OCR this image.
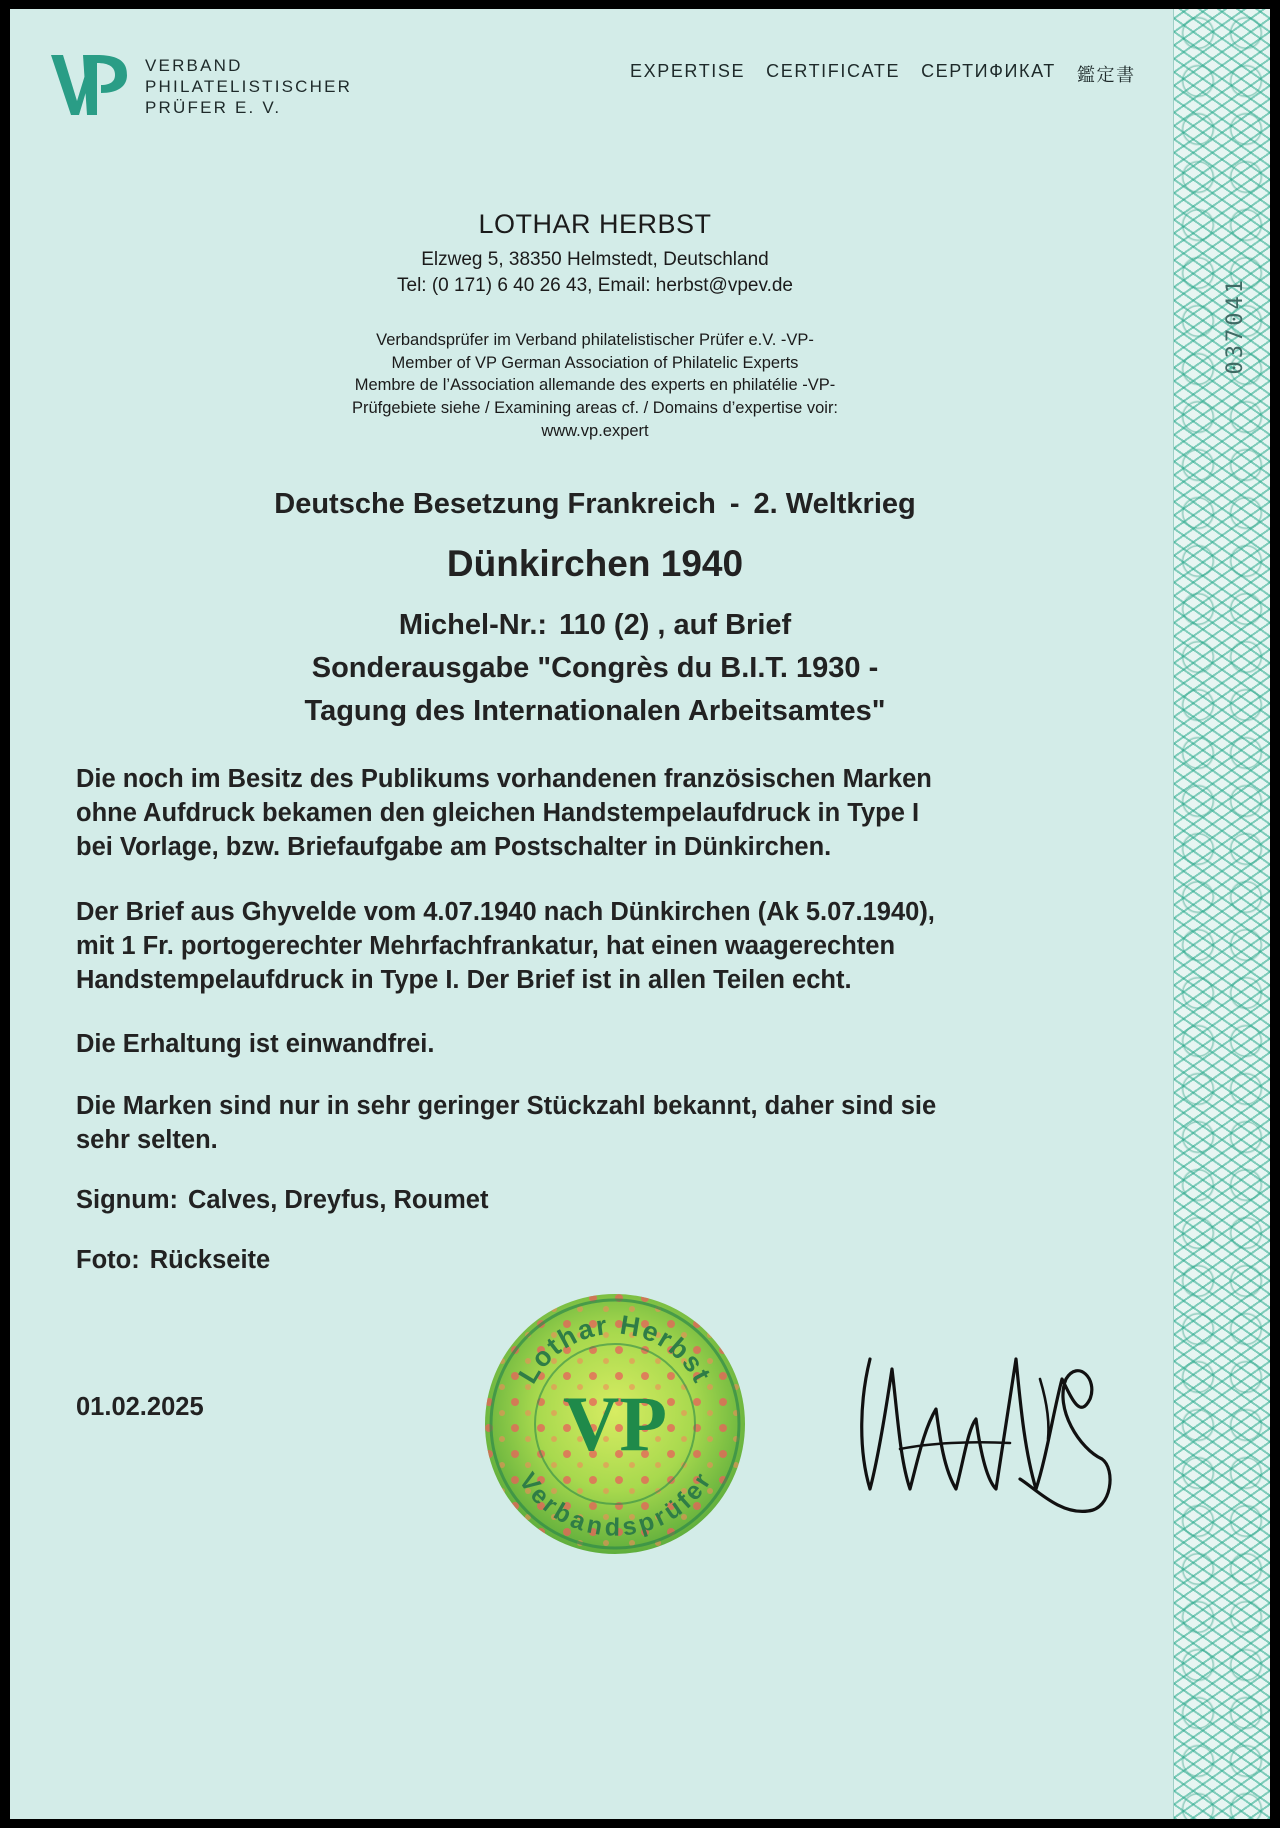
037041
VERBAND
PHILATELISTISCHER
PRÜFER E. V.
EXPERTISE CERTIFICATE СЕРТИФИКАТ 鑑定書
LOTHAR HERBST
Elzweg 5, 38350 Helmstedt, Deutschland
Tel: (0 171) 6 40 26 43, Email: herbst@vpev.de
Verbandsprüfer im Verband philatelistischer Prüfer e.V. -VP-
Member of VP German Association of Philatelic Experts
Membre de l’Association allemande des experts en philatélie -VP-
Prüfgebiete siehe / Examining areas cf. / Domains d’expertise voir:
www.vp.expert
Deutsche Besetzung Frankreich - 2. Weltkrieg
Dünkirchen 1940
Michel-Nr.: 110 (2) , auf Brief
Sonderausgabe "Congrès du B.I.T. 1930 -
Tagung des Internationalen Arbeitsamtes"

Die noch im Besitz des Publikums vorhandenen französischen Marken

ohne Aufdruck bekamen den gleichen Handstempelaufdruck in Type I

bei Vorlage, bzw. Briefaufgabe am Postschalter in Dünkirchen.

Der Brief aus Ghyvelde vom 4.07.1940 nach Dünkirchen (Ak 5.07.1940),

mit 1 Fr. portogerechter Mehrfachfrankatur, hat einen waagerechten

Handstempelaufdruck in Type I. Der Brief ist in allen Teilen echt.

Die Erhaltung ist einwandfrei.

Die Marken sind nur in sehr geringer Stückzahl bekannt, daher sind sie

sehr selten.

Signum: Calves, Dreyfus, Roumet

Foto: Rückseite

01.02.2025
Lothar Herbst
Verbandsprüfer
VP
